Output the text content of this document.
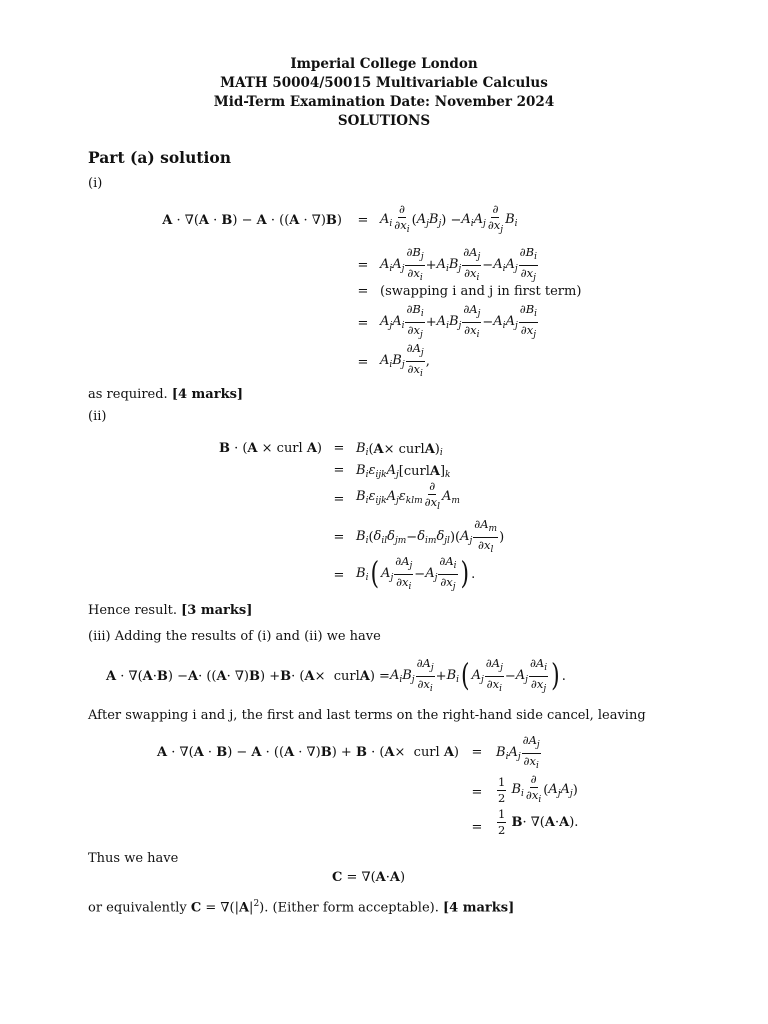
Imperial College London
MATH 50004/50015 Multivariable Calculus
Mid-Term Examination Date: November 2024
SOLUTIONS
Part (a) solution
(i)
$A \cdot \nabla(A \cdot B) - A \cdot ((A \cdot \nabla)B) = A_i \frac{\partial}{\partial x_i}$ ( $A_jB_j$ ) − $A_iA_j \frac{\partial}{\partial x_j} B_i$
= $A_iA_j \frac{\partial B_j}{\partial x_i} + A_iB_j \frac{\partial A_j}{\partial x_i} - A_iA_j \frac{\partial B_i}{\partial x_j}$
= (swapping i and j in first term)
= $A_jA_i \frac{\partial B_i}{\partial x_j} + A_iB_j \frac{\partial A_j}{\partial x_i} - A_iA_j \frac{\partial B_i}{\partial x_j}$
= $A_iB_j \frac{\partial A_j}{\partial x_i}$ ,
as required. [4 marks]
(ii)
B · (A × curl $A) = B_i$ ( A × curl A ) $_i$
= $B_i\varepsilon_{ijk}A_j$ [curl A ] $_k$
= $B_i\varepsilon_{ijk}A_j\varepsilon_{klm} \frac{\partial}{\partial x_l} A_m$
= $B_i$ ( $\delta_{il}\delta_{jm} - \delta_{im}\delta_{jl}$ )( $A_j \frac{\partial A_m}{\partial x_l}$ )
= $B_i$ ( $A_j \frac{\partial A_j}{\partial x_i} - A_j \frac{\partial A_i}{\partial x_j}$ ) .
Hence result. [3 marks]
(iii) Adding the results of (i) and (ii) we have
A · ∇( A · B ) − A · (( A · ∇) B ) + B · ( A ×  curl A ) = $A_iB_j \frac{\partial A_j}{\partial x_i} + B_i$ ( $A_j \frac{\partial A_j}{\partial x_i} - A_j \frac{\partial A_i}{\partial x_j}$ ) .
After swapping i and j, the first and last terms on the right-hand side cancel, leaving
A · ∇(A · B) − A · ((A · ∇)B) + B · (A×  curl $A) = B_iA_j \frac{\partial A_j}{\partial x_i}$
= $\frac{1}{2}$
$B_i \frac{\partial}{\partial x_i}$ ( $A_jA_j$ )
= $\frac{1}{2}$
B · ∇( A · A ).
Thus we have
C = ∇( A · A )
or equivalently $C = \nabla(|A|^2)$. (Either form acceptable). [4 marks]
